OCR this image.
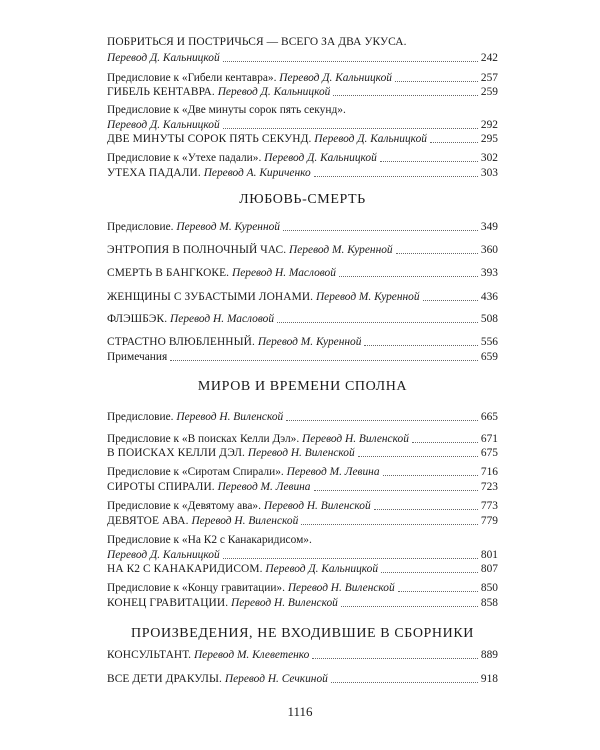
ПОБРИТЬСЯ И ПОСТРИЧЬСЯ — ВСЕГО ЗА ДВА УКУСА.
Перевод Д. Кальницкой	242
Предисловие к «Гибели кентавра». Перевод Д. Кальницкой	257
ГИБЕЛЬ КЕНТАВРА. Перевод Д. Кальницкой	259
Предисловие к «Две минуты сорок пять секунд».
Перевод Д. Кальницкой	292
ДВЕ МИНУТЫ СОРОК ПЯТЬ СЕКУНД. Перевод Д. Кальницкой	295
Предисловие к «Утехе падали». Перевод Д. Кальницкой	302
УТЕХА ПАДАЛИ. Перевод А. Кириченко	303
ЛЮБОВЬ-СМЕРТЬ
Предисловие. Перевод М. Куренной	349
ЭНТРОПИЯ В ПОЛНОЧНЫЙ ЧАС. Перевод М. Куренной	360
СМЕРТЬ В БАНГКОКЕ. Перевод Н. Масловой	393
ЖЕНЩИНЫ С ЗУБАСТЫМИ ЛОНАМИ. Перевод М. Куренной	436
ФЛЭШБЭК. Перевод Н. Масловой	508
СТРАСТНО ВЛЮБЛЕННЫЙ. Перевод М. Куренной	556
Примечания	659
МИРОВ И ВРЕМЕНИ СПОЛНА
Предисловие. Перевод Н. Виленской	665
Предисловие к «В поисках Келли Дэл». Перевод Н. Виленской	671
В ПОИСКАХ КЕЛЛИ ДЭЛ. Перевод Н. Виленской	675
Предисловие к «Сиротам Спирали». Перевод М. Левина	716
СИРОТЫ СПИРАЛИ. Перевод М. Левина	723
Предисловие к «Девятому ава». Перевод Н. Виленской	773
ДЕВЯТОЕ АВА. Перевод Н. Виленской	779
Предисловие к «На К2 с Канакаридисом».
Перевод Д. Кальницкой	801
НА К2 С КАНАКАРИДИСОМ. Перевод Д. Кальницкой	807
Предисловие к «Концу гравитации». Перевод Н. Виленской	850
КОНЕЦ ГРАВИТАЦИИ. Перевод Н. Виленской	858
ПРОИЗВЕДЕНИЯ, НЕ ВХОДИВШИЕ В СБОРНИКИ
КОНСУЛЬТАНТ. Перевод М. Клеветенко	889
ВСЕ ДЕТИ ДРАКУЛЫ. Перевод Н. Сечкиной	918
1116
